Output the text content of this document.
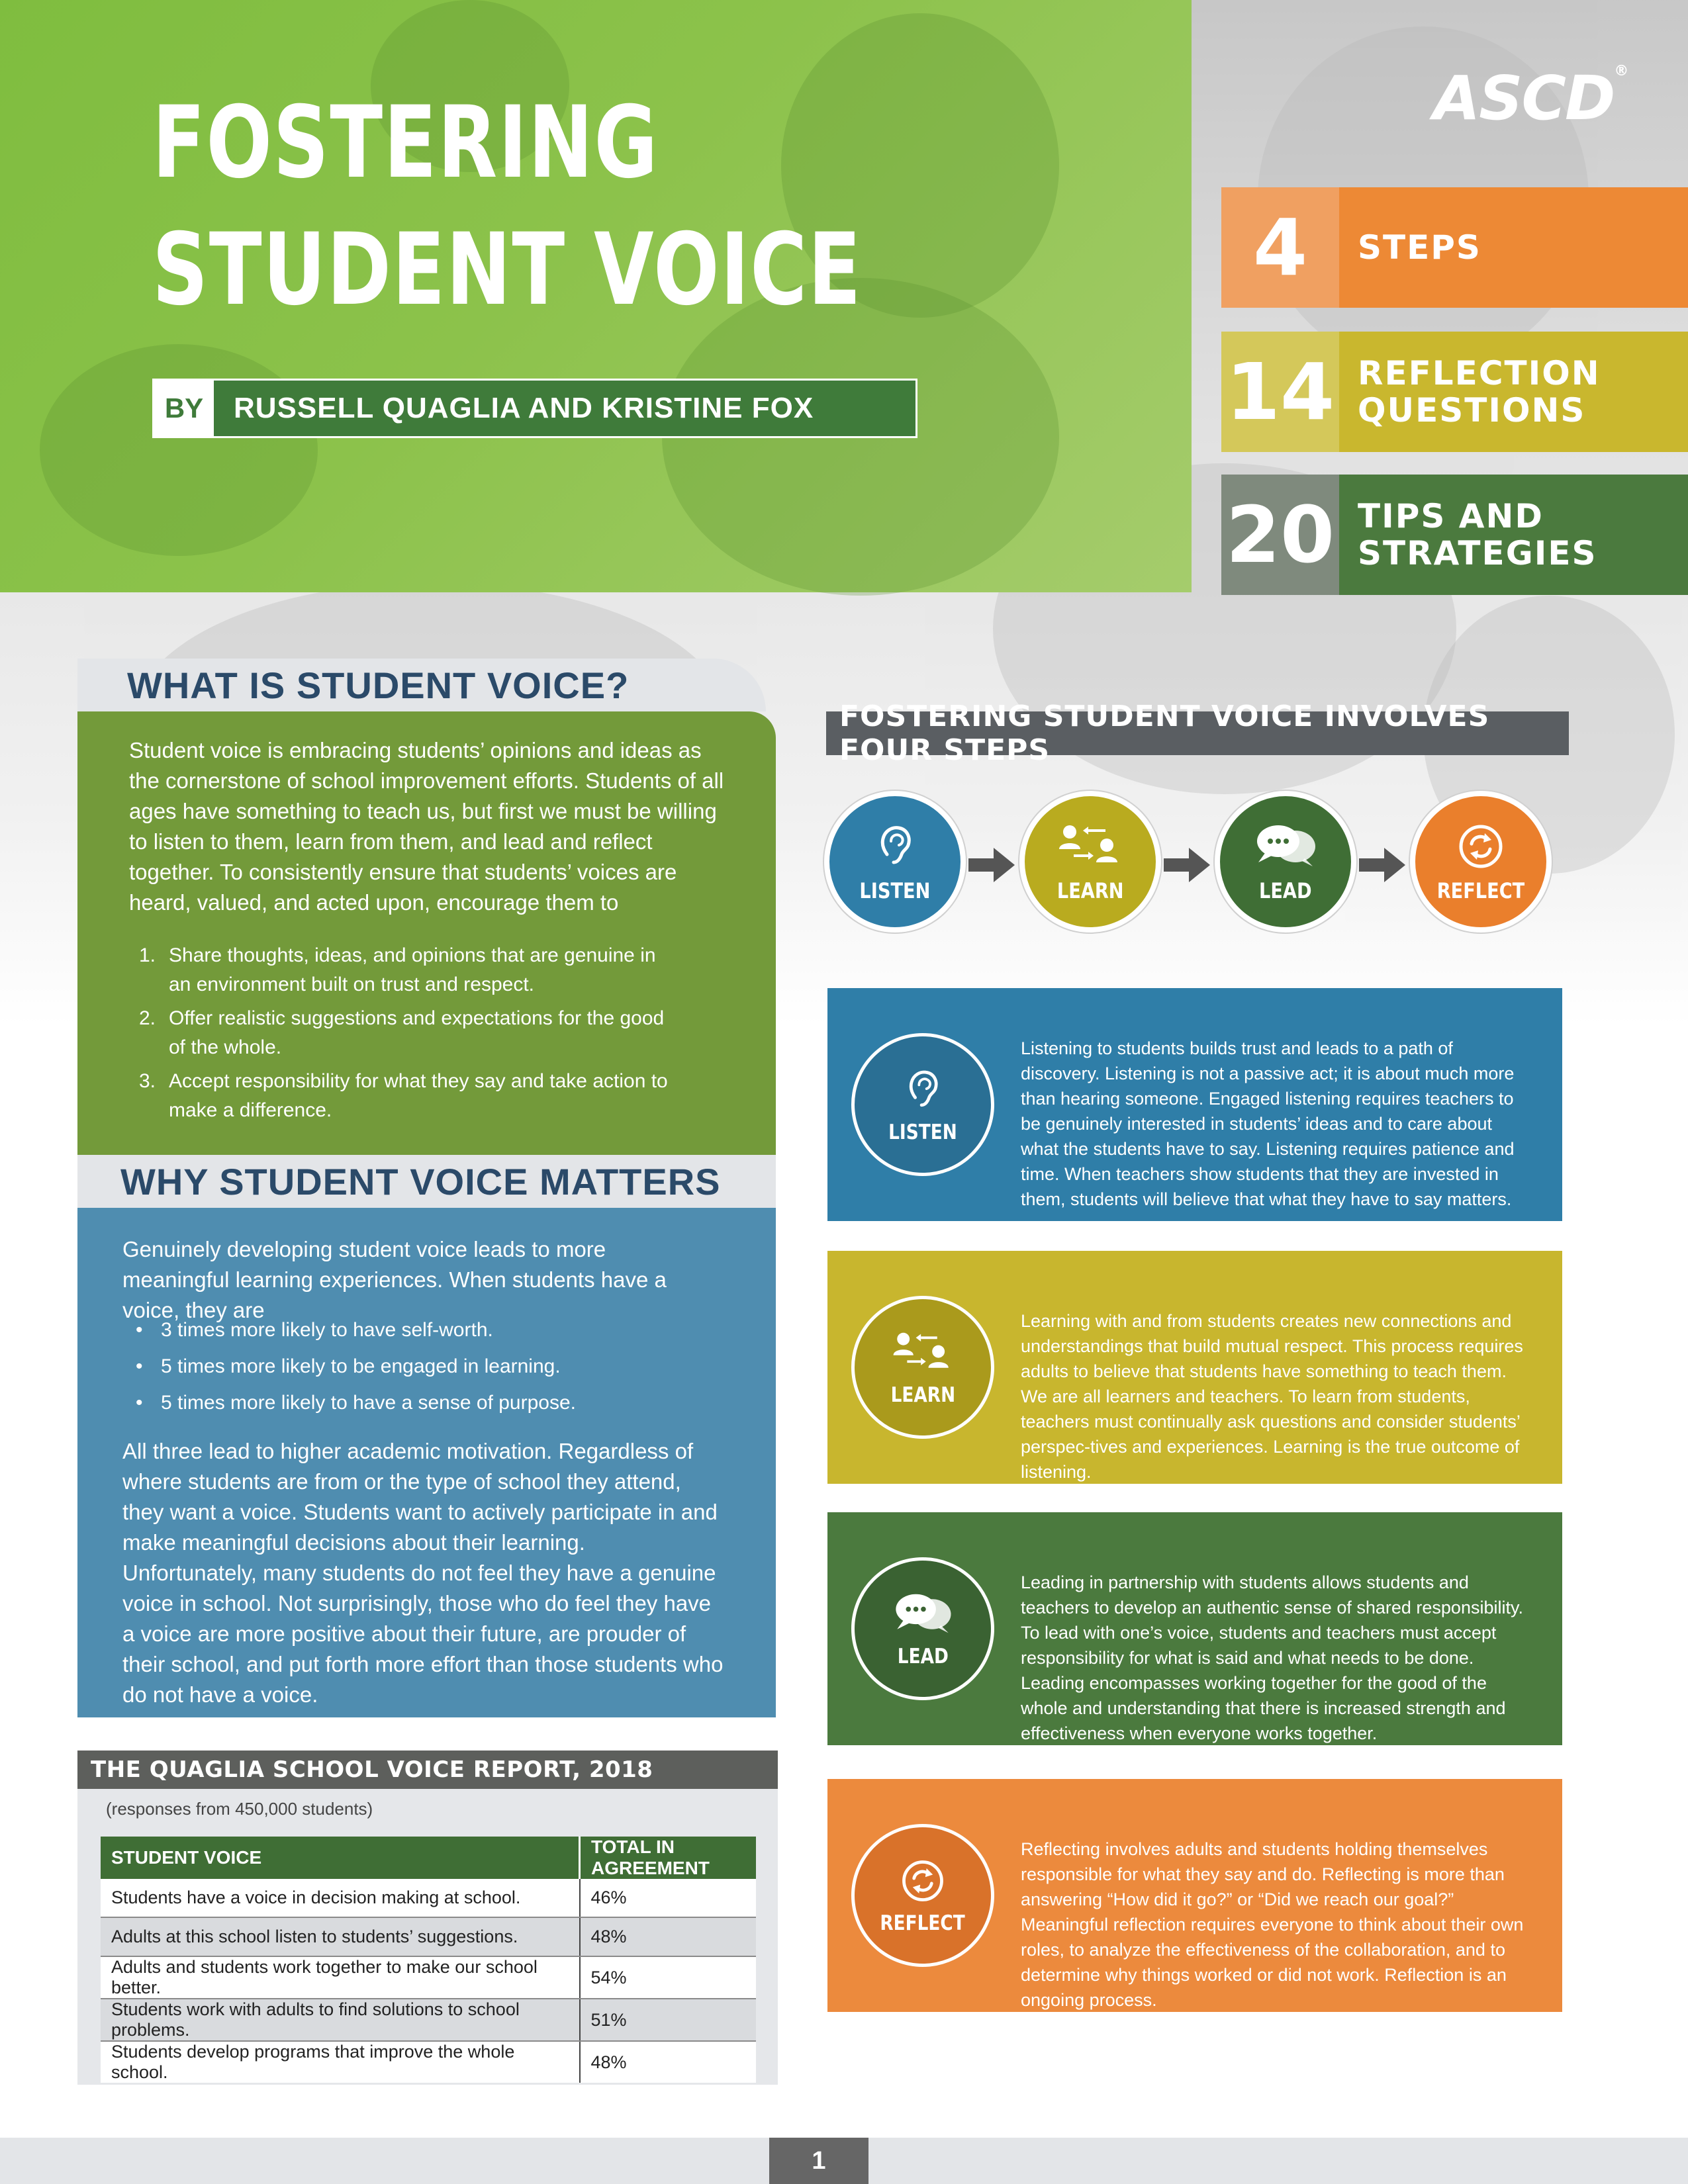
FOSTERING
STUDENT VOICE
BY	RUSSELL QUAGLIA AND KRISTINE FOX
ASCD®
4	STEPS
14 REFLECTION
QUESTIONS
20 TIPS AND
STRATEGIES
WHAT IS STUDENT VOICE?

Student voice is embracing students’ opinions and ideas as the cornerstone of school improvement efforts. Students of all ages have something to teach us, but first we must be willing to listen to them, learn from them, and lead and reflect together. To consistently ensure that students’ voices are heard, valued, and acted upon, encourage them to

1. Share thoughts, ideas, and opinions that are genuine in an environment built on trust and respect.
2. Offer realistic suggestions and expectations for the good of the whole.
3. Accept responsibility for what they say and take action to make a difference.
WHY STUDENT VOICE MATTERS

Genuinely developing student voice leads to more meaningful learning experiences. When students have a voice, they are

• 3 times more likely to have self-worth.
• 5 times more likely to be engaged in learning.
• 5 times more likely to have a sense of purpose.

All three lead to higher academic motivation. Regardless of where students are from or the type of school they attend, they want a voice. Students want to actively participate in and make meaningful decisions about their learning. Unfortunately, many students do not feel they have a genuine voice in school. Not surprisingly, those who do feel they have a voice are more positive about their future, are prouder of their school, and put forth more effort than those students who do not have a voice.

FOSTERING STUDENT VOICE INVOLVES FOUR STEPS
LISTEN	LEARN	LEAD	REFLECT
LISTEN

Listening to students builds trust and leads to a path of discovery. Listening is not a passive act; it is about much more than hearing someone. Engaged listening requires teachers to be genuinely interested in students’ ideas and to care about what the students have to say. Listening requires patience and time. When teachers show students that they are invested in them, students will believe that what they have to say matters.

LEARN

Learning with and from students creates new connections and understandings that build mutual respect. This process requires adults to believe that students have something to teach them. We are all learners and teachers. To learn from students, teachers must continually ask questions and consider students’ perspec-tives and experiences. Learning is the true outcome of listening.

LEAD

Leading in partnership with students allows students and teachers to develop an authentic sense of shared responsibility. To lead with one’s voice, students and teachers must accept responsibility for what is said and what needs to be done. Leading encompasses working together for the good of the whole and understanding that there is increased strength and effectiveness when everyone works together.

REFLECT

Reflecting involves adults and students holding themselves responsible for what they say and do. Reflecting is more than answering “How did it go?” or “Did we reach our goal?” Meaningful reflection requires everyone to think about their own roles, to analyze the effectiveness of the collaboration, and to determine why things worked or did not work. Reflection is an ongoing process.

THE QUAGLIA SCHOOL VOICE REPORT, 2018
(responses from 450,000 students)
STUDENT VOICE	TOTAL IN AGREEMENT
Students have a voice in decision making at school.	46%
Adults at this school listen to students’ suggestions.	48%
Adults and students work together to make our school better.	54%
Students work with adults to find solutions to school problems.	51%
Students develop programs that improve the whole school.	48%
1
